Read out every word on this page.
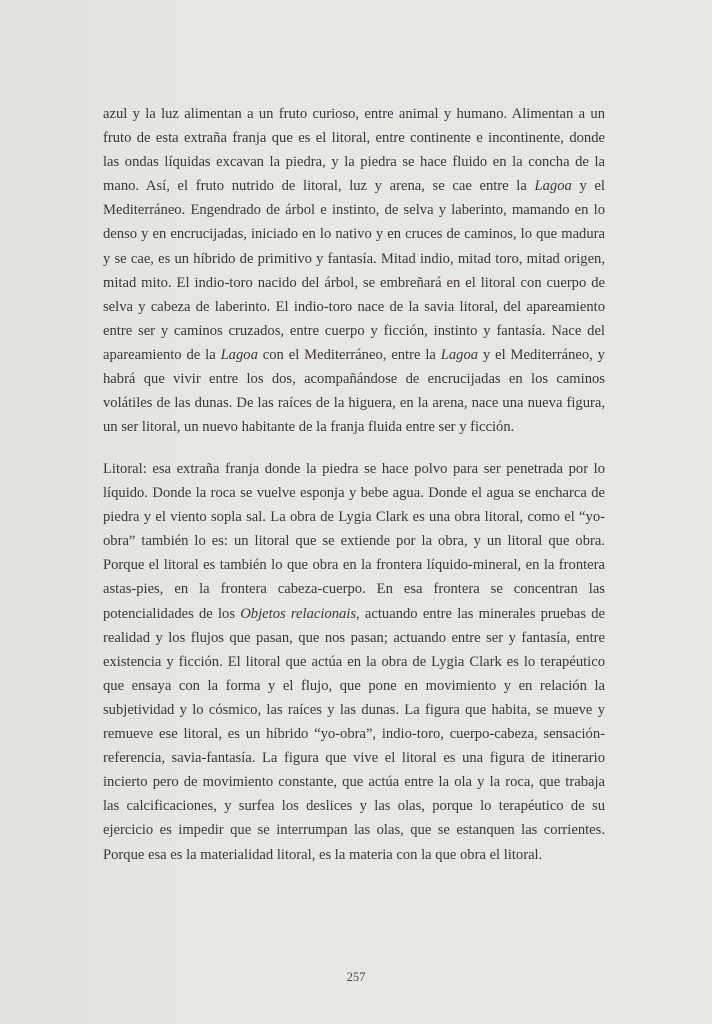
azul y la luz alimentan a un fruto curioso, entre animal y humano. Alimentan a un
fruto de esta extraña franja que es el litoral, entre continente e incontinente, donde
las ondas líquidas excavan la piedra, y la piedra se hace fluido en la concha de la
mano. Así, el fruto nutrido de litoral, luz y arena, se cae entre la Lagoa y el
Mediterráneo. Engendrado de árbol e instinto, de selva y laberinto, mamando en lo
denso y en encrucijadas, iniciado en lo nativo y en cruces de caminos, lo que madura
y se cae, es un híbrido de primitivo y fantasía. Mitad indio, mitad toro, mitad origen,
mitad mito. El indio-toro nacido del árbol, se embreñará en el litoral con cuerpo de
selva y cabeza de laberinto. El indio-toro nace de la savia litoral, del apareamiento
entre ser y caminos cruzados, entre cuerpo y ficción, instinto y fantasía. Nace del
apareamiento de la Lagoa con el Mediterráneo, entre la Lagoa y el Mediterráneo, y
habrá que vivir entre los dos, acompañándose de encrucijadas en los caminos
volátiles de las dunas. De las raíces de la higuera, en la arena, nace una nueva figura,
un ser litoral, un nuevo habitante de la franja fluida entre ser y ficción.
Litoral: esa extraña franja donde la piedra se hace polvo para ser penetrada por lo
líquido. Donde la roca se vuelve esponja y bebe agua. Donde el agua se encharca de
piedra y el viento sopla sal. La obra de Lygia Clark es una obra litoral, como el “yo-
obra” también lo es: un litoral que se extiende por la obra, y un litoral que obra.
Porque el litoral es también lo que obra en la frontera líquido-mineral, en la frontera
astas-pies, en la frontera cabeza-cuerpo. En esa frontera se concentran las
potencialidades de los Objetos relacionais, actuando entre las minerales pruebas de
realidad y los flujos que pasan, que nos pasan; actuando entre ser y fantasía, entre
existencia y ficción. El litoral que actúa en la obra de Lygia Clark es lo terapéutico
que ensaya con la forma y el flujo, que pone en movimiento y en relación la
subjetividad y lo cósmico, las raíces y las dunas. La figura que habita, se mueve y
remueve ese litoral, es un híbrido “yo-obra”, indio-toro, cuerpo-cabeza, sensación-
referencia, savia-fantasía. La figura que vive el litoral es una figura de itinerario
incierto pero de movimiento constante, que actúa entre la ola y la roca, que trabaja
las calcificaciones, y surfea los deslices y las olas, porque lo terapéutico de su
ejercicio es impedir que se interrumpan las olas, que se estanquen las corrientes.
Porque esa es la materialidad litoral, es la materia con la que obra el litoral.
257
